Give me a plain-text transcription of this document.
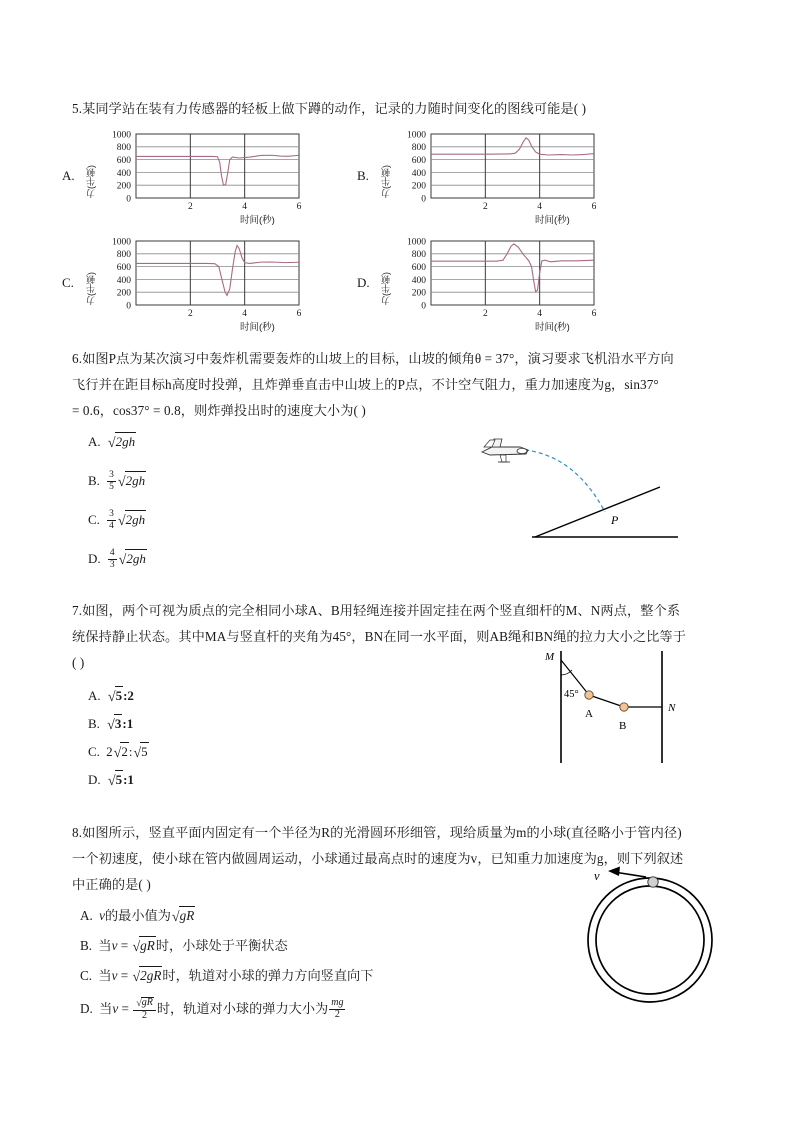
5.某同学站在装有力传感器的轻板上做下蹲的动作，记录的力随时间变化的图线可能是( )
A. 力(牛顿)
0
200
400
600
800
1000
2	4	6
时间(秒)
B. 力(牛顿)
0
200
400
600
800
1000
2	4	6
时间(秒)
C. 力(牛顿)
0
200
400
600
800
1000
2	4	6
时间(秒)
D. 力(牛顿)
0
200
400
600
800
1000
2	4	6
时间(秒)
6.如图P点为某次演习中轰炸机需要轰炸的山坡上的目标，山坡的倾角θ = 37°，演习要求飞机沿水平方向
飞行并在距目标h高度时投弹，且炸弹垂直击中山坡上的P点，不计空气阻力，重力加速度为g，sin37°
= 0.6，cos37° = 0.8，则炸弹投出时的速度大小为( )
A. √2gh
B. $\frac{3}{5} √2gh$
C. $\frac{3}{4} √2gh$
D. $\frac{4}{3} √2gh$
P
7.如图，两个可视为质点的完全相同小球A、B用轻绳连接并固定挂在两个竖直细杆的M、N两点，整个系
统保持静止状态。其中MA与竖直杆的夹角为45°，BN在同一水平面，则AB绳和BN绳的拉力大小之比等于
( )
A. √5:2
B. √3:1
C. 2√2:√5
D. √5:1
M
N
A
B
45°
8.如图所示，竖直平面内固定有一个半径为R的光滑圆环形细管，现给质量为m的小球(直径略小于管内径)
一个初速度，使小球在管内做圆周运动，小球通过最高点时的速度为v，已知重力加速度为g，则下列叙述
中正确的是( )
A. v的最小值为√gR
B. 当v = √gR时，小球处于平衡状态
C. 当v = √2gR时，轨道对小球的弹力方向竖直向下
D. 当$v = \frac{√gR}{2}$ 时，轨道对小球的弹力大小为 $\frac{mg}{2}$
v
